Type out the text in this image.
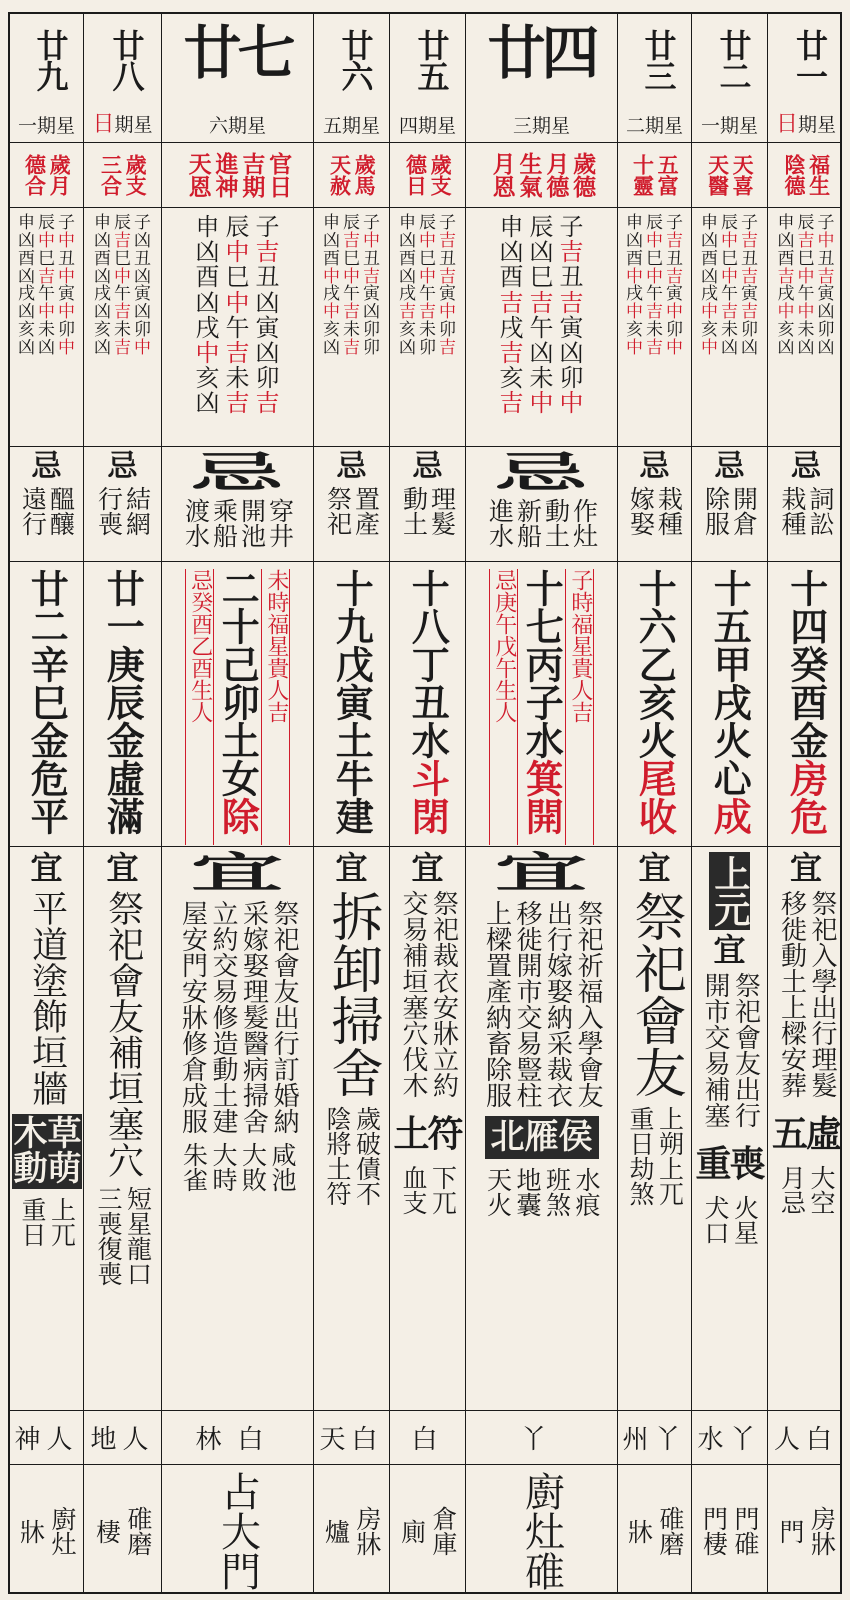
廿一
日期星
福生
陰德
子
中
丑
吉
寅
凶
卯
凶
辰
吉
巳
中
午
中
未
凶
申
凶
酉
吉
戌
中
亥
凶
忌
詞訟
栽種
十四癸酉金房危
宜
祭祀入學出行理髮
移徙動土上樑安葬
五虛
大空
月忌
人白
房牀
門
廿二
一期星
天喜
天醫
子
吉
丑
吉
寅
吉
卯
凶
辰
中
巳
中
午
吉
未
凶
申
凶
酉
凶
戌
中
亥
中
忌
開倉
除服
十五甲戌火心成
上元
宜
祭祀會友出行
開市交易補塞
重喪
火星
犬口
水丫
門碓
門棲
廿三
二期星
五富
十靈
子
吉
丑
吉
寅
中
卯
中
辰
中
巳
中
午
吉
未
吉
申
凶
酉
中
戌
中
亥
中
忌
栽種
嫁娶
十六乙亥火尾收
宜
祭祀會友
上朔上兀
重日劫煞
州丫
碓磨
牀
廿四
三期星
歲德
月德
生氣
月恩
子
吉
丑
吉
寅
凶
卯
中
辰
凶
巳
吉
午
凶
未
中
申
凶
酉
吉
戌
吉
亥
吉
忌
作灶
動土
新船
進水
子時福星貴人吉
十七丙子水箕開
忌庚午戊午生人
宜
祭祀祈福入學會友
出行嫁娶納采裁衣
移徙開市交易豎柱
上樑置產納畜除服
北雁侯
水痕
班煞
地囊
天火
丫
廚灶碓
廿五
四期星
歲支
德日
子
吉
丑
吉
寅
中
卯
吉
辰
中
巳
中
午
吉
未
卯
申
凶
酉
凶
戌
吉
亥
凶
忌
理髮
動土
十八丁丑水斗閉
宜
祭祀裁衣安牀立約
交易補垣塞穴伐木
土符
下兀
血支
白
倉庫
廁
廿六
五期星
歲馬
天赦
子
中
丑
吉
寅
凶
卯
卯
辰
吉
巳
中
午
吉
未
吉
申
凶
酉
中
戌
中
亥
凶
忌
置產
祭祀
十九戊寅土牛建
宜
拆卸掃舍
歲破債不
陰將土符
天白
房牀
爐
廿七
六期星
官日
吉期
進神
天恩
子
吉
丑
凶
寅
凶
卯
吉
辰
中
巳
中
午
吉
未
吉
申
凶
酉
凶
戌
中
亥
凶
忌
穿井
開池
乘船
渡水
未時福星貴人吉
二十己卯土女除
忌癸酉乙酉生人
宜
祭祀會友出行訂婚納
采嫁娶理髮醫病掃舍
立約交易修造動土建
屋安門安牀修倉成服
咸池
大敗
大時
朱雀
林白
占大門
廿八
日期星
歲支
三合
子
凶
丑
凶
寅
凶
卯
中
辰
吉
巳
中
午
吉
未
吉
申
凶
酉
凶
戌
凶
亥
凶
忌
結網
行喪
廿一庚辰金虛滿
宜
祭祀會友補垣塞穴
短星龍口
三喪復喪
地人
碓磨
棲
廿九
一期星
歲月
德合
子
中
丑
中
寅
中
卯
中
辰
中
巳
吉
午
中
未
凶
申
凶
酉
凶
戌
凶
亥
凶
忌
醞釀
遠行
廿二辛巳金危平
宜
平道塗飾垣牆
木 草
動 萌
上兀
重日
神人
廚灶
牀
